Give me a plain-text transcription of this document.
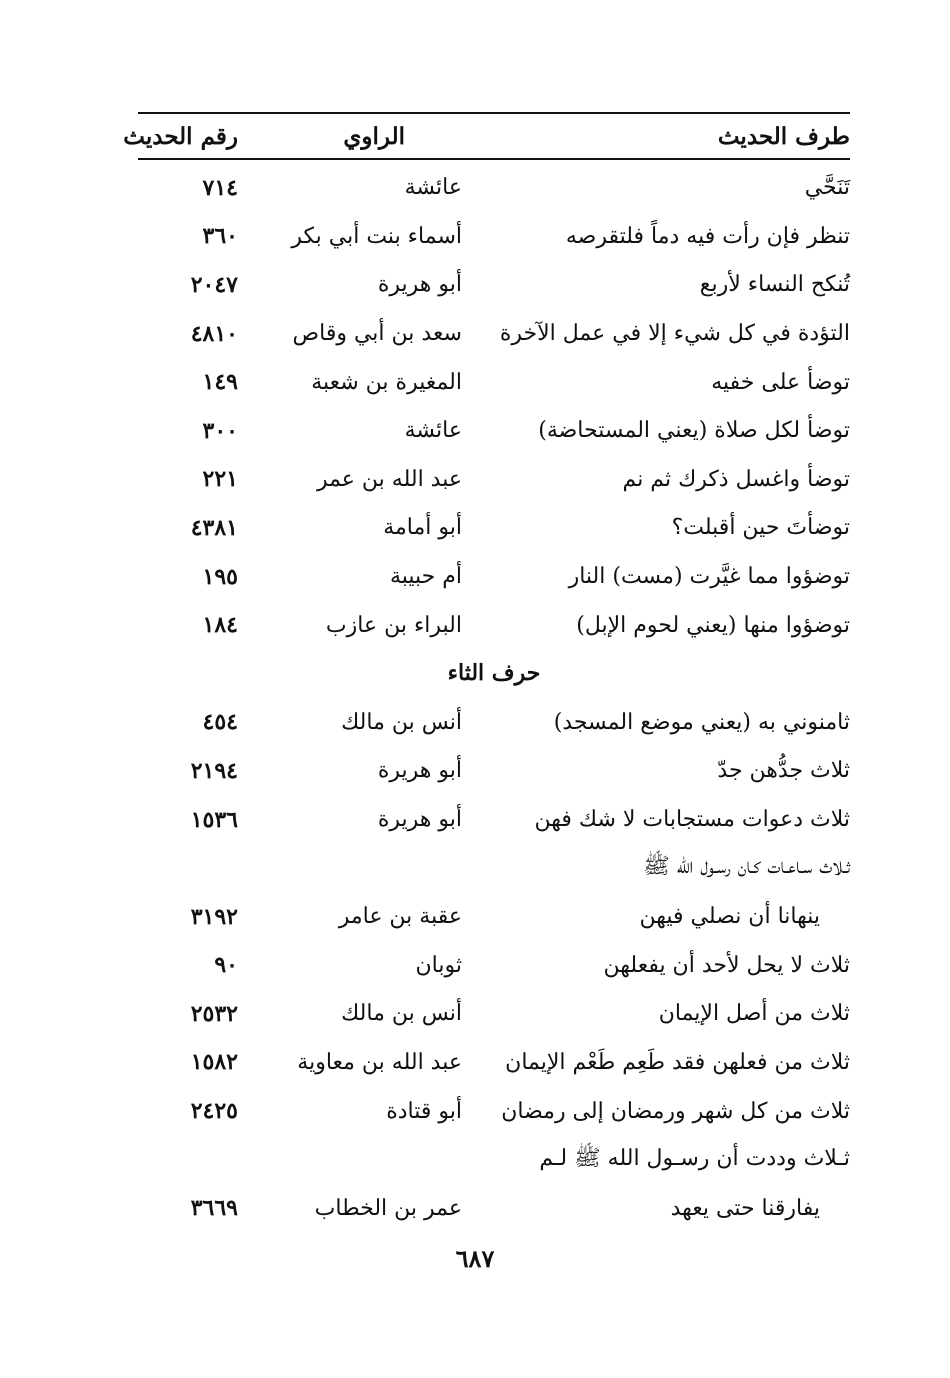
طرف الحديث
الراوي
رقم الحديث
تَنَحَّي
عائشة
٧١٤
تنظر فإن رأت فيه دماً فلتقرصه
أسماء بنت أبي بكر
٣٦٠
تُنكح النساء لأربع
أبو هريرة
٢٠٤٧
التؤدة في كل شيء إلا في عمل الآخرة
سعد بن أبي وقاص
٤٨١٠
توضأ على خفيه
المغيرة بن شعبة
١٤٩
توضأ لكل صلاة (يعني المستحاضة)
عائشة
٣٠٠
توضأ واغسل ذكرك ثم نم
عبد الله بن عمر
٢٢١
توضأتَ حين أقبلت؟
أبو أمامة
٤٣٨١
توضؤوا مما غيَّرت (مست) النار
أم حبيبة
١٩٥
توضؤوا منها (يعني لحوم الإبل)
البراء بن عازب
١٨٤
حرف الثاء
ثامنوني به (يعني موضع المسجد)
أنس بن مالك
٤٥٤
ثلاث جدُّهن جدّ
أبو هريرة
٢١٩٤
ثلاث دعوات مستجابات لا شك فهن
أبو هريرة
١٥٣٦
ثـلاث سـاعـات كـان رسـول الله ﷺ
ينهانا أن نصلي فيهن
عقبة بن عامر
٣١٩٢
ثلاث لا يحل لأحد أن يفعلهن
ثوبان
٩٠
ثلاث من أصل الإيمان
أنس بن مالك
٢٥٣٢
ثلاث من فعلهن فقد طَعِم طَعْم الإيمان
عبد الله بن معاوية
١٥٨٢
ثلاث من كل شهر ورمضان إلى رمضان
أبو قتادة
٢٤٢٥
ثـلاث وددت أن رسـول الله ﷺ لـم
يفارقنا حتى يعهد
عمر بن الخطاب
٣٦٦٩
٦٨٧
